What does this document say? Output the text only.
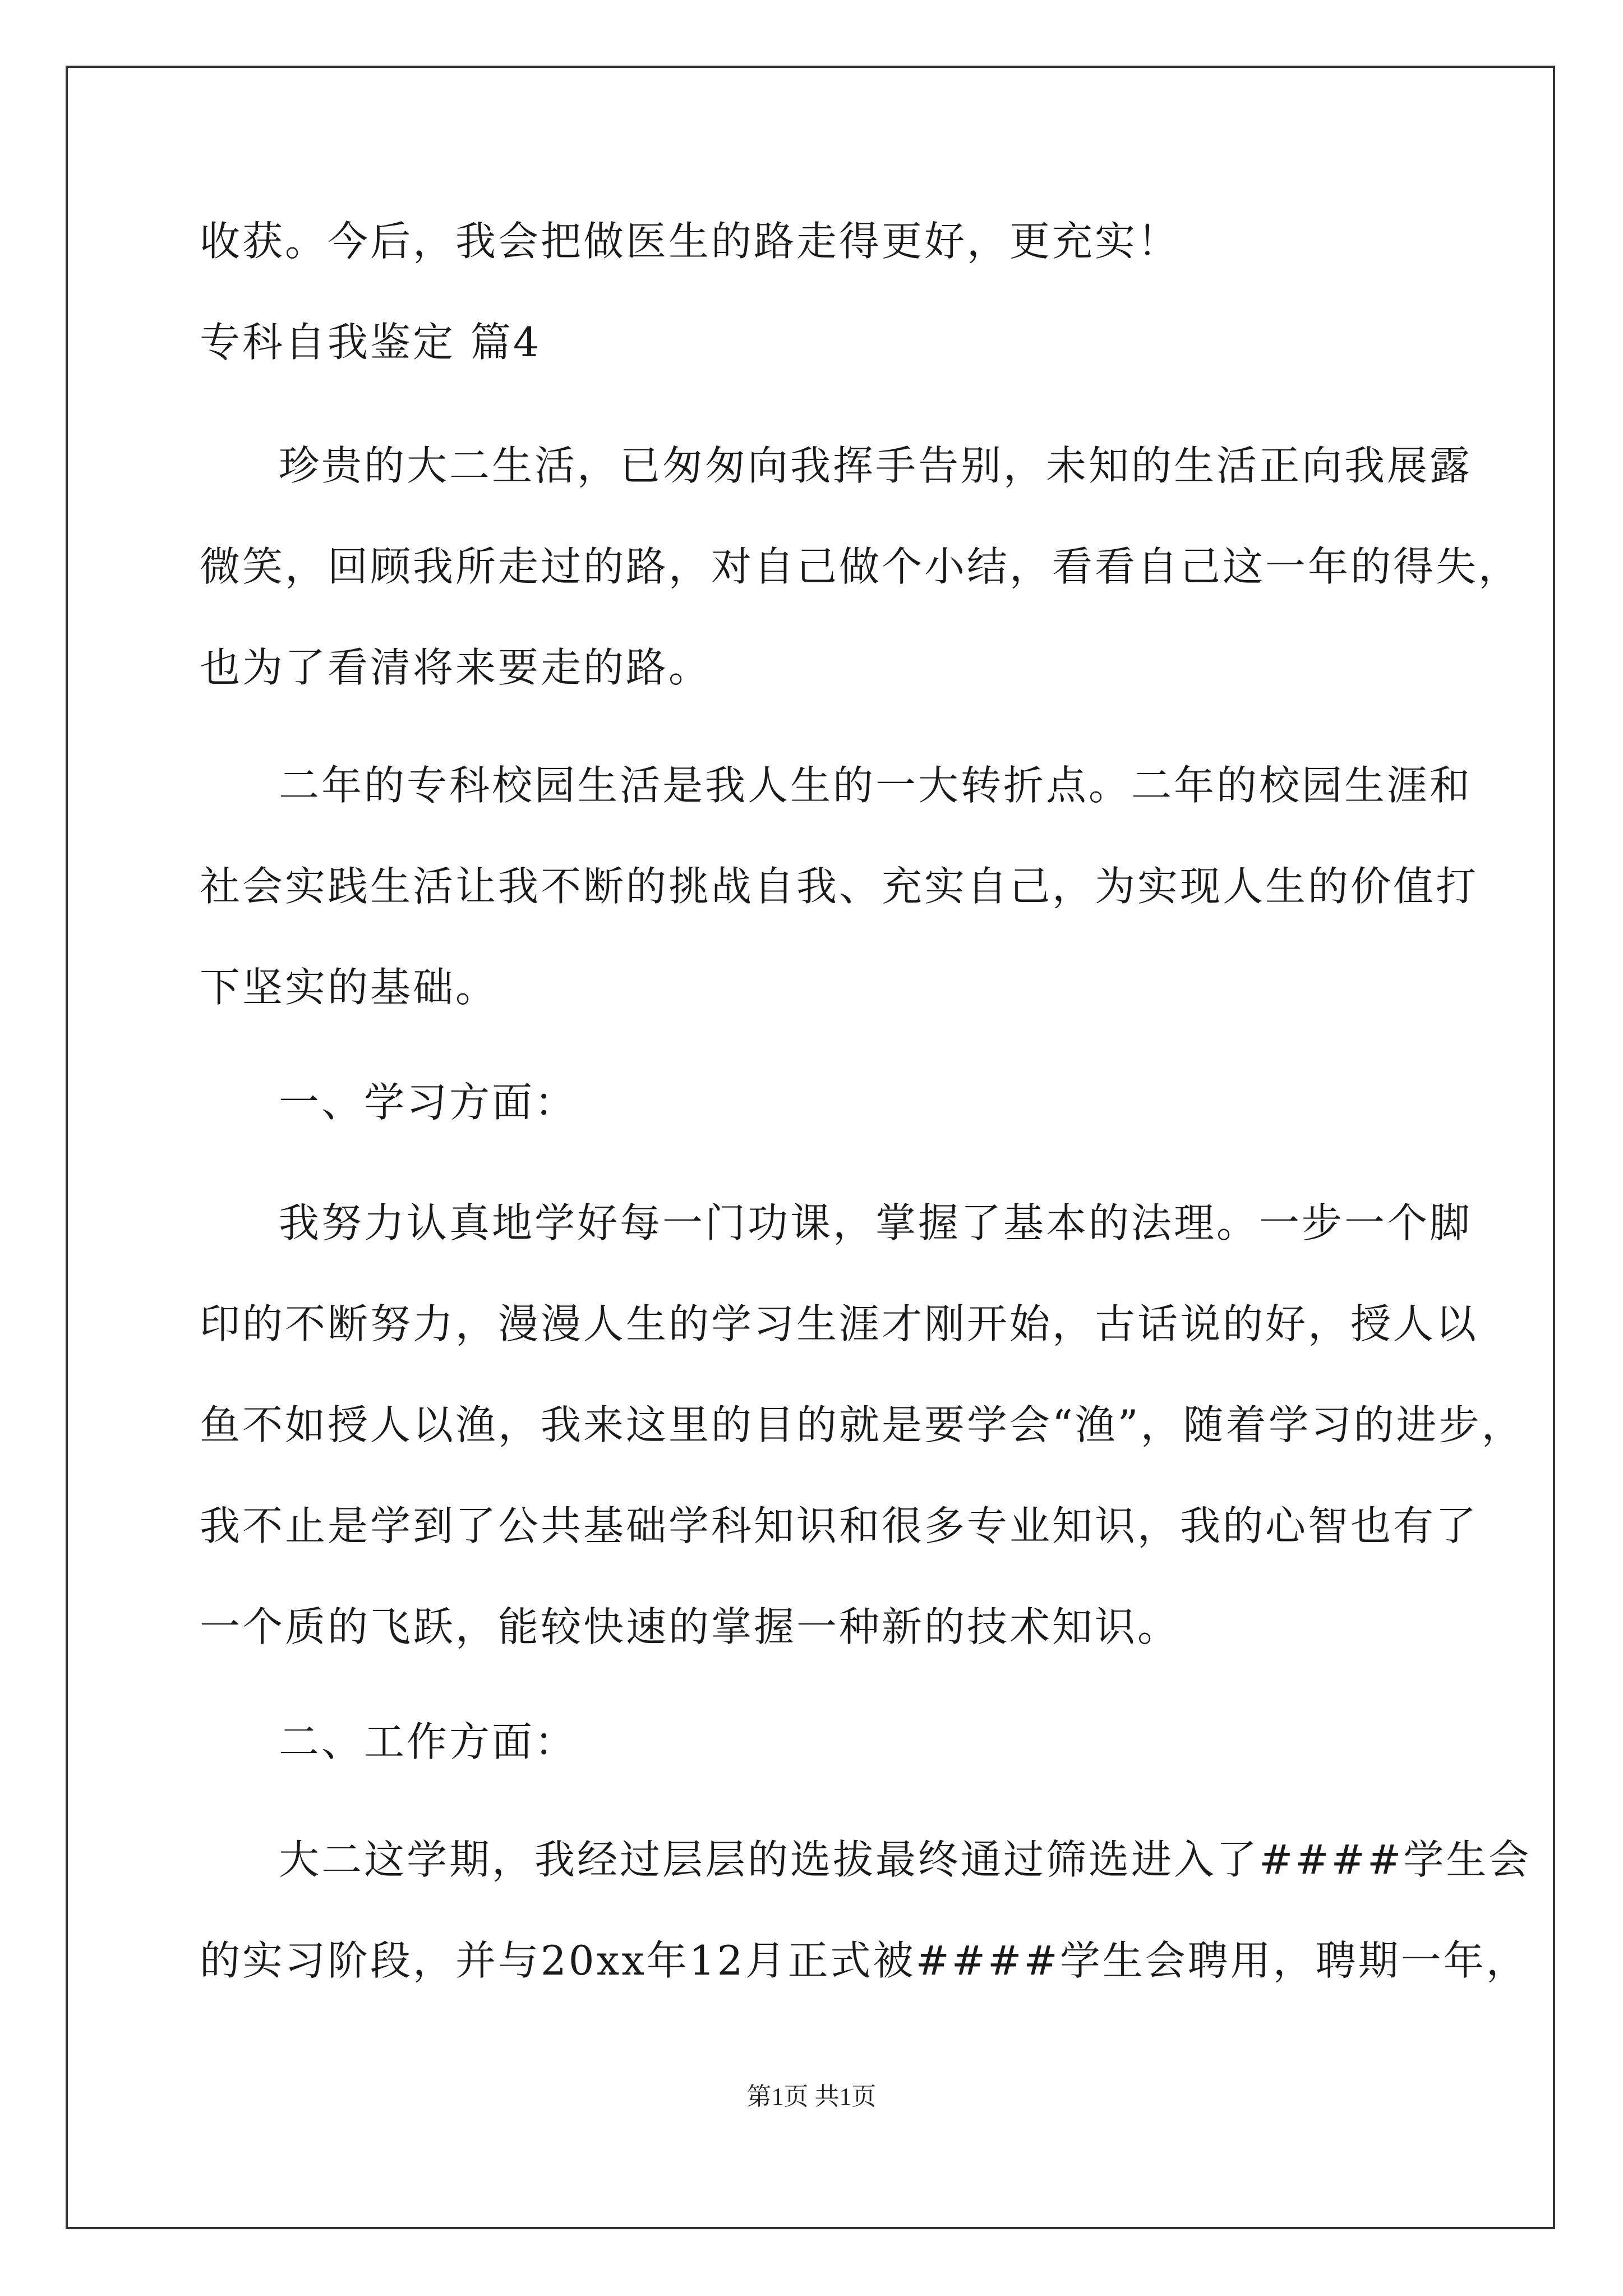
收获。今后，我会把做医生的路走得更好，更充实！
专科自我鉴定 篇4
珍贵的大二生活，已匆匆向我挥手告别，未知的生活正向我展露
微笑，回顾我所走过的路，对自己做个小结，看看自己这一年的得失，
也为了看清将来要走的路。
二年的专科校园生活是我人生的一大转折点。二年的校园生涯和
社会实践生活让我不断的挑战自我、充实自己，为实现人生的价值打
下坚实的基础。
一、学习方面：
我努力认真地学好每一门功课，掌握了基本的法理。一步一个脚
印的不断努力，漫漫人生的学习生涯才刚开始，古话说的好，授人以
鱼不如授人以渔，我来这里的目的就是要学会“渔”，随着学习的进步，
我不止是学到了公共基础学科知识和很多专业知识，我的心智也有了
一个质的飞跃，能较快速的掌握一种新的技术知识。
二、工作方面：
大二这学期，我经过层层的选拔最终通过筛选进入了####学生会
的实习阶段，并与20xx年12月正式被####学生会聘用，聘期一年，
第1页 共1页
